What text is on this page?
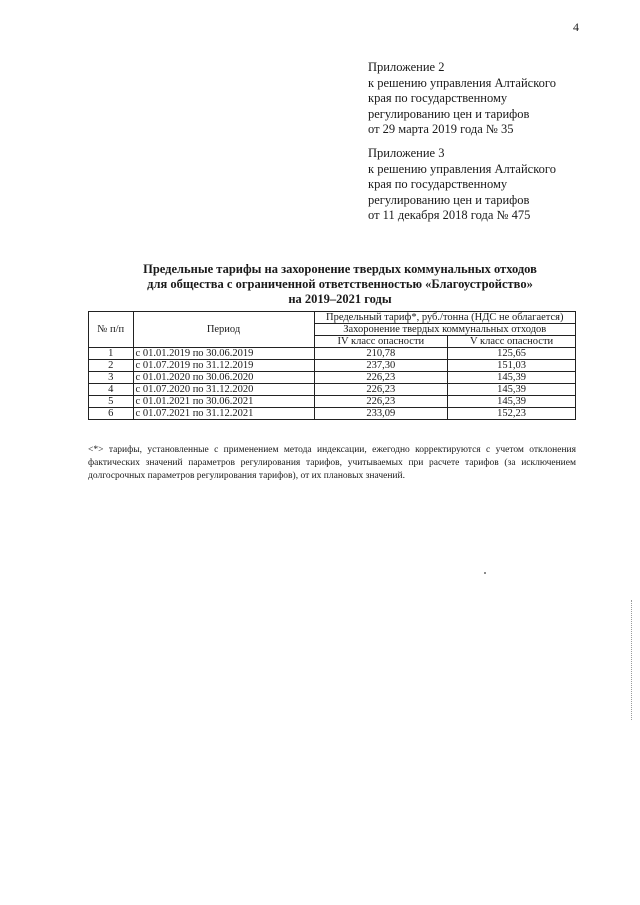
4
Приложение 2
к решению управления Алтайского
края по государственному
регулированию цен и тарифов
от 29 марта 2019 года № 35
Приложение 3
к решению управления Алтайского
края по государственному
регулированию цен и тарифов
от 11 декабря 2018 года № 475
Предельные тарифы на захоронение твердых коммунальных отходов
для общества с ограниченной ответственностью «Благоустройство»
на 2019–2021 годы
№ п/п	Период	Предельный тариф*, руб./тонна (НДС не облагается)	
		Захоронение твердых коммунальных отходов	
		IV класс опасности	V класс опасности
1	с 01.01.2019 по 30.06.2019	210,78	125,65
2	с 01.07.2019 по 31.12.2019	237,30	151,03
3	с 01.01.2020 по 30.06.2020	226,23	145,39
4	с 01.07.2020 по 31.12.2020	226,23	145,39
5	с 01.01.2021 по 30.06.2021	226,23	145,39
6	с 01.07.2021 по 31.12.2021	233,09	152,23
<*> тарифы, установленные с применением метода индексации, ежегодно корректируются с учетом отклонения фактических значений параметров регулирования тарифов, учитываемых при расчете тарифов (за исключением долгосрочных параметров регулирования тарифов), от их плановых значений.
